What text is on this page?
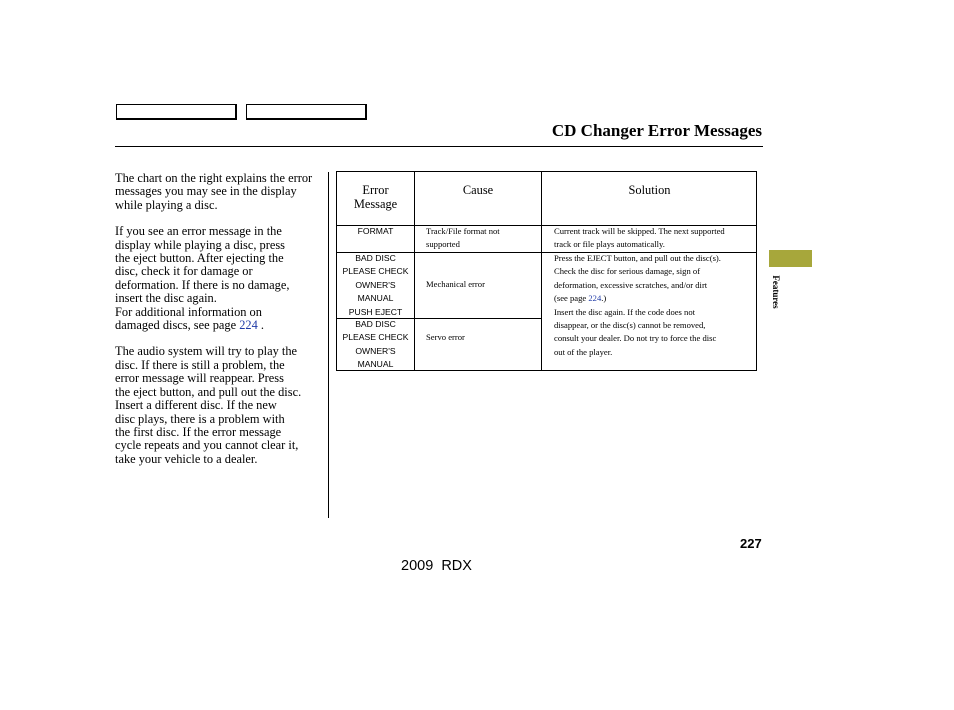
CD Changer Error Messages

The chart on the right explains the error messages you may see in the display while playing a disc.

If you see an error message in the
display while playing a disc, press
the eject button. After ejecting the
disc, check it for damage or
deformation. If there is no damage,
insert the disc again.

For additional information on

damaged discs, see page 224 .

The audio system will try to play the
disc. If there is still a problem, the
error message will reappear. Press
the eject button, and pull out the disc.
Insert a different disc. If the new
disc plays, there is a problem with
the first disc. If the error message
cycle repeats and you cannot clear it,
take your vehicle to a dealer.

Error
Message
Cause	Solution
FORMAT	Track/File format not
supported
Current track will be skipped. The next supported
track or file plays automatically.
BAD DISC
PLEASE CHECK
OWNER'S
MANUAL
PUSH EJECT
Mechanical error
BAD DISC
PLEASE CHECK
OWNER'S
MANUAL
Servo error
Press the EJECT button, and pull out the disc(s).
Check the disc for serious damage, sign of
deformation, excessive scratches, and/or dirt

(see page 224.)

Insert the disc again. If the code does not
disappear, or the disc(s) cannot be removed,
consult your dealer. Do not try to force the disc
out of the player.
Features
227
2009  RDX
